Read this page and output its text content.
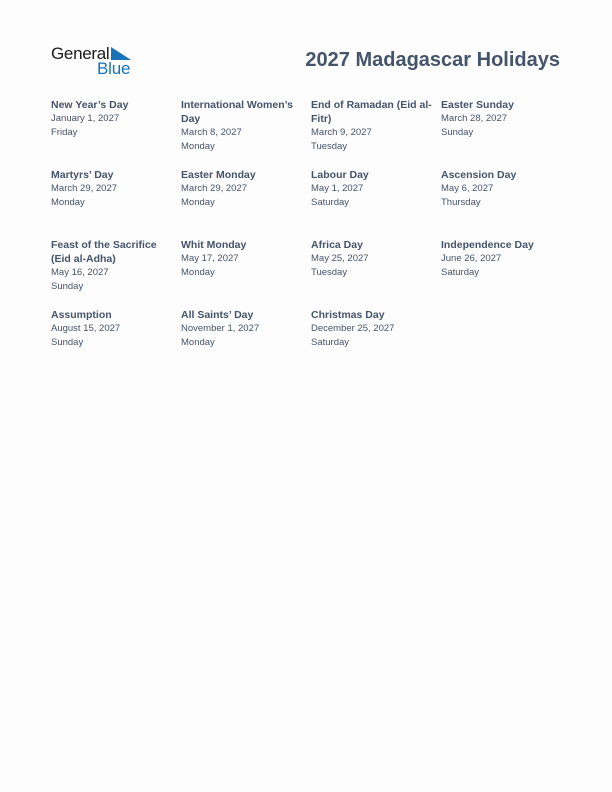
General
Blue	2027 Madagascar Holidays
New Year’s Day
January 1, 2027
Friday
International Women’s Day
March 8, 2027
Monday
End of Ramadan (Eid al-Fitr)
March 9, 2027
Tuesday
Easter Sunday
March 28, 2027
Sunday
Martyrs’ Day
March 29, 2027
Monday
Easter Monday
March 29, 2027
Monday
Labour Day
May 1, 2027
Saturday
Ascension Day
May 6, 2027
Thursday
Feast of the Sacrifice (Eid al-Adha)
May 16, 2027
Sunday
Whit Monday
May 17, 2027
Monday
Africa Day
May 25, 2027
Tuesday
Independence Day
June 26, 2027
Saturday
Assumption
August 15, 2027
Sunday
All Saints’ Day
November 1, 2027
Monday
Christmas Day
December 25, 2027
Saturday
